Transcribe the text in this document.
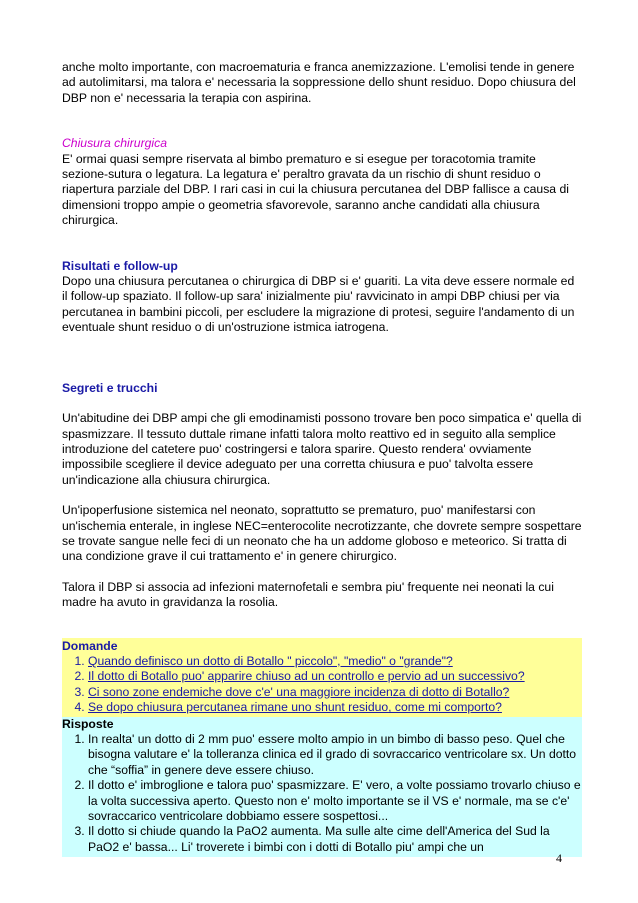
anche molto importante, con macroematuria e franca anemizzazione. L'emolisi tende in genere ad autolimitarsi, ma talora e' necessaria la soppressione dello shunt residuo. Dopo chiusura del DBP non e' necessaria la terapia con aspirina.

Chiusura chirurgica

E' ormai quasi sempre riservata al bimbo prematuro e si esegue per toracotomia tramite sezione-sutura o legatura. La legatura e' peraltro gravata da un rischio di shunt residuo o riapertura parziale del DBP. I rari casi in cui la chiusura percutanea del DBP fallisce a causa di dimensioni troppo ampie o geometria sfavorevole, saranno anche candidati alla chiusura chirurgica.

Risultati e follow-up

Dopo una chiusura percutanea o chirurgica di DBP si e' guariti. La vita deve essere normale ed il follow-up spaziato. Il follow-up sara' inizialmente piu' ravvicinato in ampi DBP chiusi per via percutanea in bambini piccoli, per escludere la migrazione di protesi, seguire l'andamento di un eventuale shunt residuo o di un'ostruzione istmica iatrogena.

Segreti e trucchi

Un'abitudine dei DBP ampi che gli emodinamisti possono trovare ben poco simpatica e' quella di spasmizzare. Il tessuto duttale rimane infatti talora molto reattivo ed in seguito alla semplice introduzione del catetere puo' costringersi e talora sparire. Questo rendera' ovviamente impossibile scegliere il device adeguato per una corretta chiusura e puo' talvolta essere un'indicazione alla chiusura chirurgica.

Un'ipoperfusione sistemica nel neonato, soprattutto se prematuro, puo' manifestarsi con un'ischemia enterale, in inglese NEC=enterocolite necrotizzante, che dovrete sempre sospettare se trovate sangue nelle feci di un neonato che ha un addome globoso e meteorico. Si tratta di una condizione grave il cui trattamento e' in genere chirurgico.

Talora il DBP si associa ad infezioni maternofetali e sembra piu' frequente nei neonati la cui madre ha avuto in gravidanza la rosolia.

Domande

1. Quando definisco un dotto di Botallo " piccolo", "medio" o "grande"?
2. Il dotto di Botallo puo' apparire chiuso ad un controllo e pervio ad un successivo?
3. Ci sono zone endemiche dove c'e' una maggiore incidenza di dotto di Botallo?
4. Se dopo chiusura percutanea rimane uno shunt residuo, come mi comporto?

Risposte

1. In realta' un dotto di 2 mm puo' essere molto ampio in un bimbo di basso peso. Quel che bisogna valutare e' la tolleranza clinica ed il grado di sovraccarico ventricolare sx. Un dotto che “soffia” in genere deve essere chiuso.
2. Il dotto e' imbroglione e talora puo' spasmizzare. E' vero, a volte possiamo trovarlo chiuso e la volta successiva aperto. Questo non e' molto importante se il VS e' normale, ma se c'e' sovraccarico ventricolare dobbiamo essere sospettosi...
3. Il dotto si chiude quando la PaO2 aumenta. Ma sulle alte cime dell'America del Sud la PaO2 e' bassa... Li' troverete i bimbi con i dotti di Botallo piu' ampi che un
4
